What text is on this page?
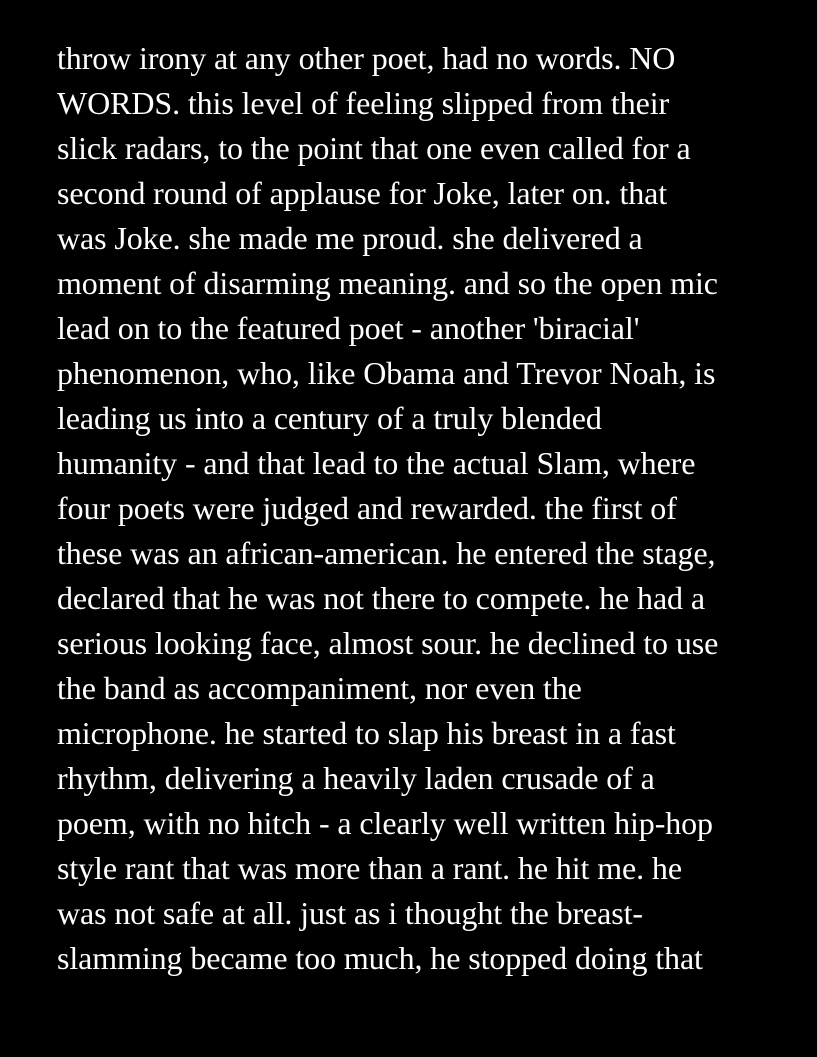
throw irony at any other poet, had no words. NO
WORDS. this level of feeling slipped from their
slick radars, to the point that one even called for a
second round of applause for Joke, later on. that
was Joke. she made me proud. she delivered a
moment of disarming meaning. and so the open mic
lead on to the featured poet - another 'biracial'
phenomenon, who, like Obama and Trevor Noah, is
leading us into a century of a truly blended
humanity - and that lead to the actual Slam, where
four poets were judged and rewarded. the first of
these was an african-american. he entered the stage,
declared that he was not there to compete. he had a
serious looking face, almost sour. he declined to use
the band as accompaniment, nor even the
microphone. he started to slap his breast in a fast
rhythm, delivering a heavily laden crusade of a
poem, with no hitch - a clearly well written hip-hop
style rant that was more than a rant. he hit me. he
was not safe at all. just as i thought the breast-
slamming became too much, he stopped doing that
